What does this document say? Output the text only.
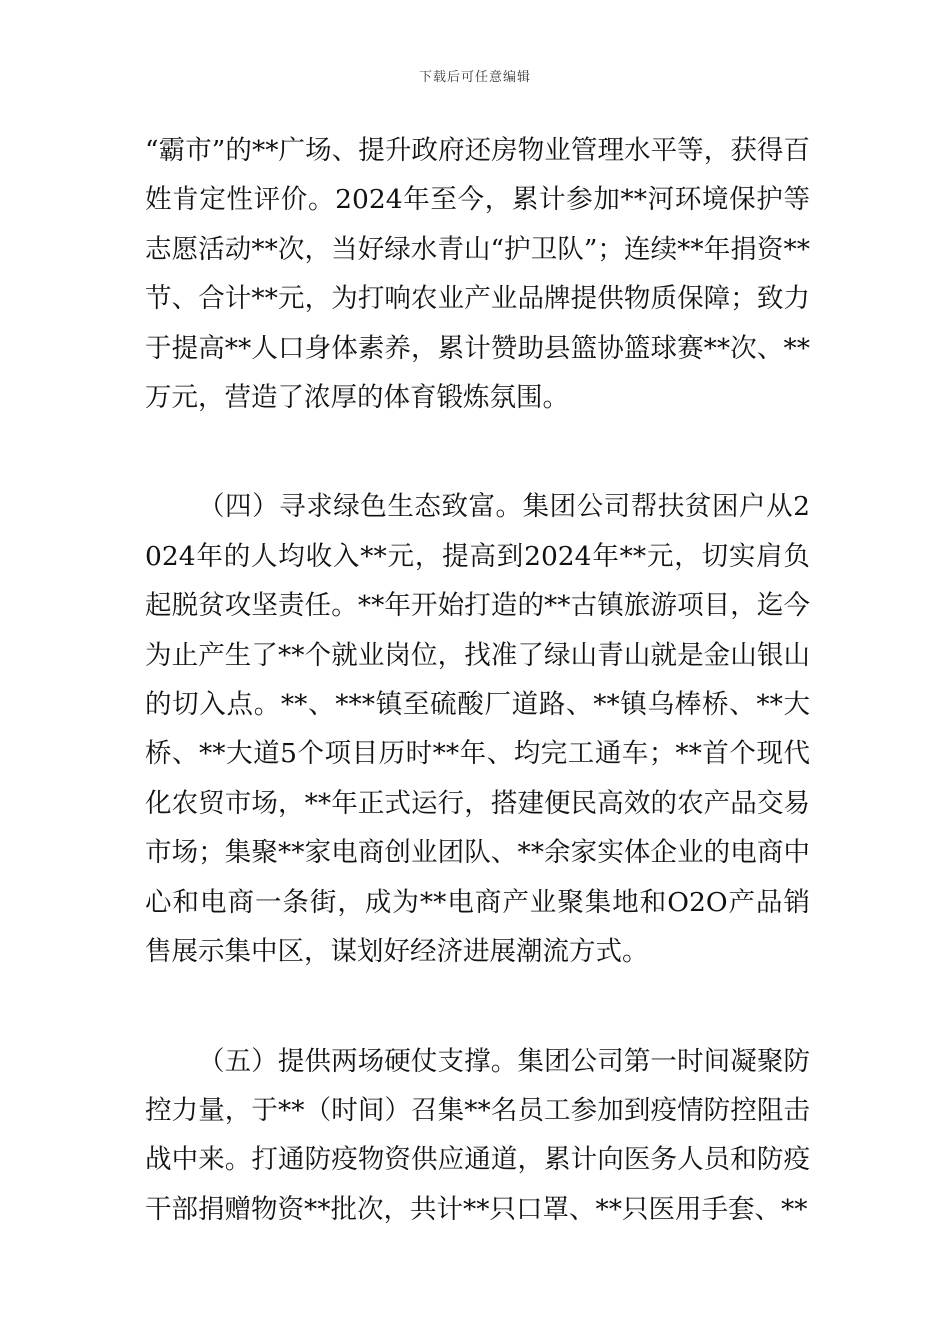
下载后可任意编辑

“霸市”的**广场、提升政府还房物业管理水平等，获得百姓肯定性评价。2024年至今，累计参加**河环境保护等志愿活动**次，当好绿水青山“护卫队”；连续**年捐资**节、合计**元，为打响农业产业品牌提供物质保障；致力于提高**人口身体素养，累计赞助县篮协篮球赛**次、**万元，营造了浓厚的体育锻炼氛围。

（四）寻求绿色生态致富。集团公司帮扶贫困户从2024年的人均收入**元，提高到2024年**元，切实肩负起脱贫攻坚责任。**年开始打造的**古镇旅游项目，迄今为止产生了**个就业岗位，找准了绿山青山就是金山银山的切入点。**、***镇至硫酸厂道路、**镇乌棒桥、**大桥、**大道5个项目历时**年、均完工通车；**首个现代化农贸市场，**年正式运行，搭建便民高效的农产品交易市场；集聚**家电商创业团队、**余家实体企业的电商中心和电商一条街，成为**电商产业聚集地和O2O产品销售展示集中区，谋划好经济进展潮流方式。

（五）提供两场硬仗支撑。集团公司第一时间凝聚防控力量，于**（时间）召集**名员工参加到疫情防控阻击战中来。打通防疫物资供应通道，累计向医务人员和防疫干部捐赠物资**批次，共计**只口罩、**只医用手套、**
